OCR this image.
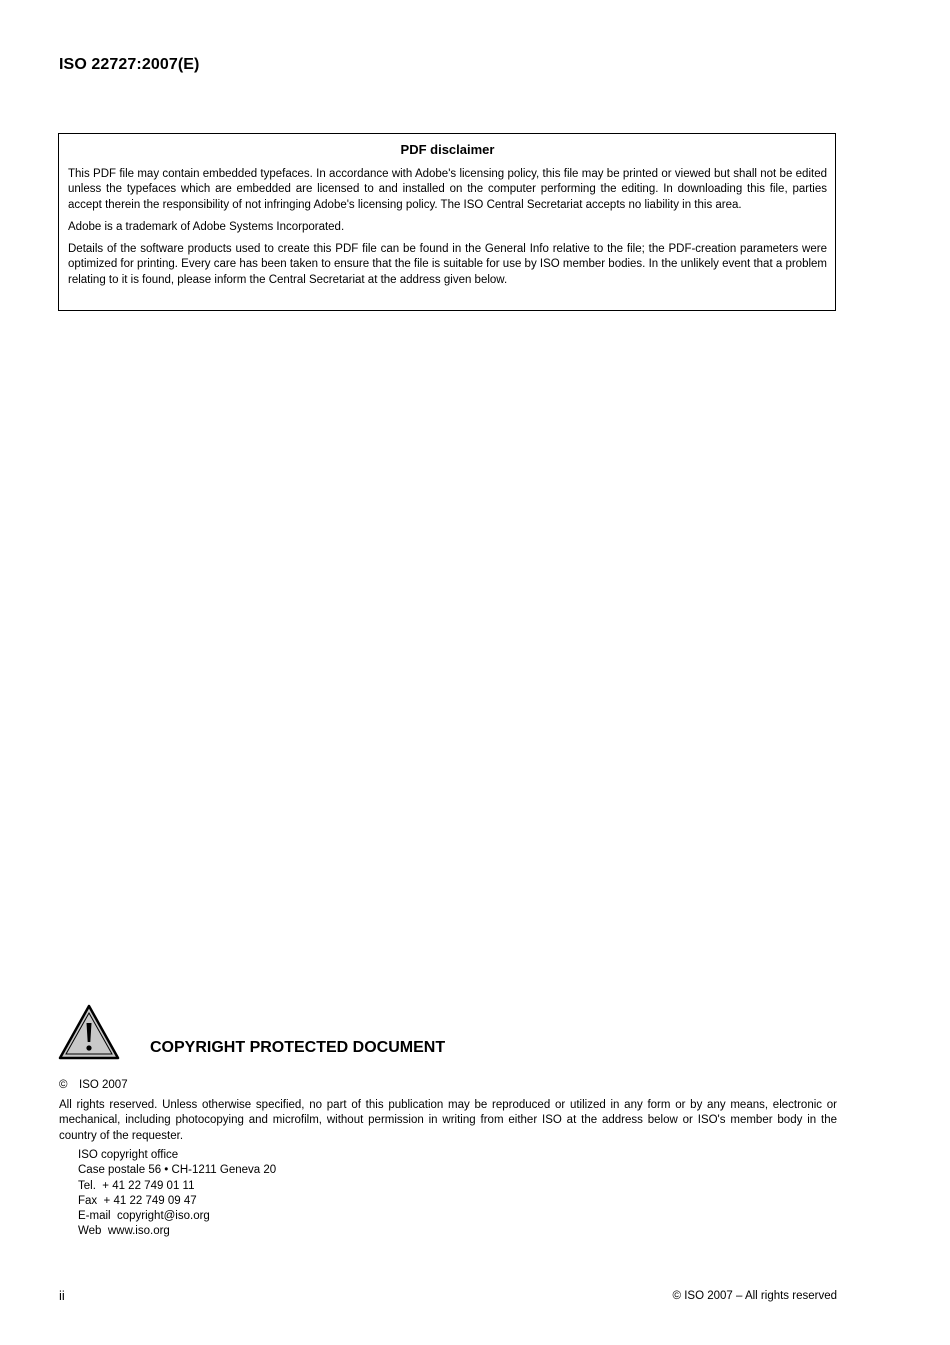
ISO 22727:2007(E)
PDF disclaimer

This PDF file may contain embedded typefaces. In accordance with Adobe's licensing policy, this file may be printed or viewed but shall not be edited unless the typefaces which are embedded are licensed to and installed on the computer performing the editing. In downloading this file, parties accept therein the responsibility of not infringing Adobe's licensing policy. The ISO Central Secretariat accepts no liability in this area.

Adobe is a trademark of Adobe Systems Incorporated.

Details of the software products used to create this PDF file can be found in the General Info relative to the file; the PDF-creation parameters were optimized for printing. Every care has been taken to ensure that the file is suitable for use by ISO member bodies. In the unlikely event that a problem relating to it is found, please inform the Central Secretariat at the address given below.

COPYRIGHT PROTECTED DOCUMENT
© ISO 2007

All rights reserved. Unless otherwise specified, no part of this publication may be reproduced or utilized in any form or by any means, electronic or mechanical, including photocopying and microfilm, without permission in writing from either ISO at the address below or ISO's member body in the country of the requester.

ISO copyright office
Case postale 56 • CH-1211 Geneva 20
Tel.  + 41 22 749 01 11
Fax  + 41 22 749 09 47
E-mail  copyright@iso.org
Web  www.iso.org
ii	© ISO 2007 – All rights reserved
